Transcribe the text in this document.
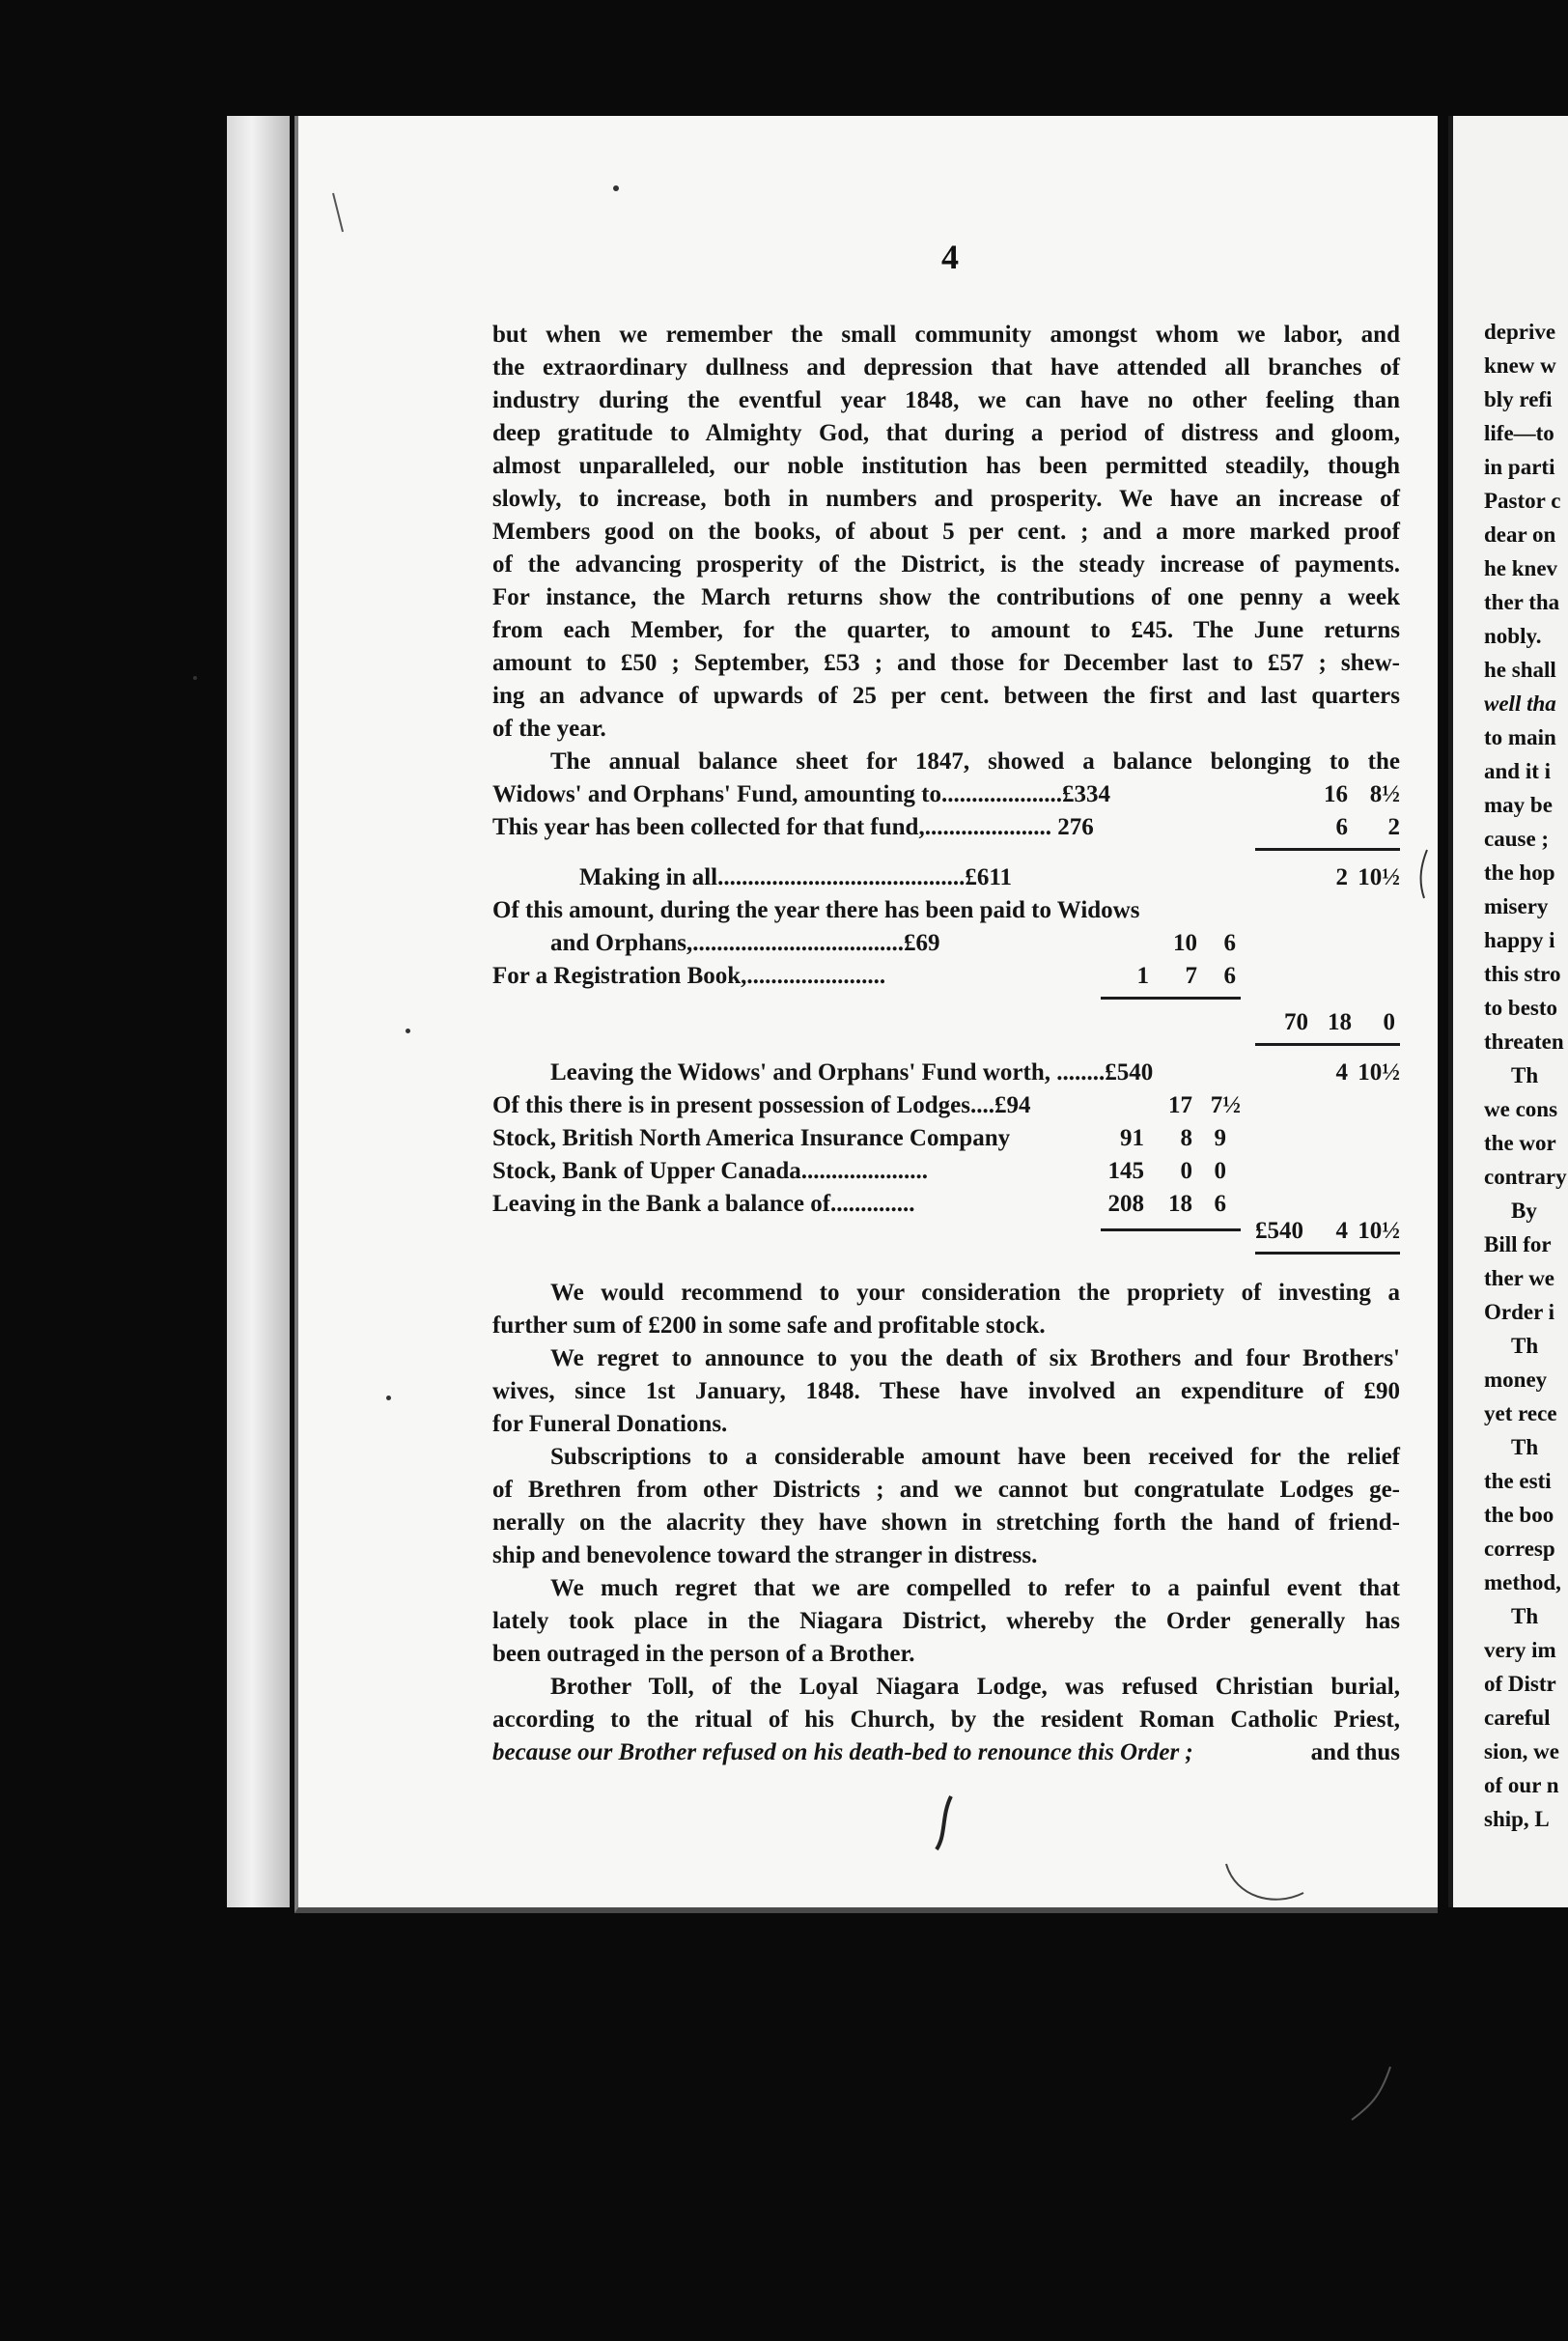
deprive
knew w
bly refi
life—to
in parti
Pastor c
dear on
he knev
ther tha
nobly.
he shall
well tha
to main
and it i
may be
cause ;
the hop
misery
happy i
this stro
to besto
threaten
Th
we cons
the wor
contrary
By
Bill for
ther we
Order i
Th
money
yet rece
Th
the esti
the boo
corresp
method,
Th
very im
of Distr
careful
sion, we
of our n
ship, L
4
but when we remember the small community amongst whom we labor, and
the extraordinary dullness and depression that have attended all branches of
industry during the eventful year 1848, we can have no other feeling than
deep gratitude to Almighty God, that during a period of distress and gloom,
almost unparalleled, our noble institution has been permitted steadily, though
slowly, to increase, both in numbers and prosperity. We have an increase of
Members good on the books, of about 5 per cent. ; and a more marked proof
of the advancing prosperity of the District, is the steady increase of payments.
For instance, the March returns show the contributions of one penny a week
from each Member, for the quarter, to amount to £45. The June returns
amount to £50 ; September, £53 ; and those for December last to £57 ; shew-
ing an advance of upwards of 25 per cent. between the first and last quarters
of the year.
The annual balance sheet for 1847, showed a balance belonging to the
Widows' and Orphans' Fund, amounting to....................£334	16 8½
This year has been collected for that fund,..................... 276	6	2
Making in all.........................................£611	2 10½
Of this amount, during the year there has been paid to Widows
and Orphans,...................................£69	10	6
For a Registration Book,.......................	1	7	6
70 18	0
Leaving the Widows' and Orphans' Fund worth, ........£540	4 10½
Of this there is in present possession of Lodges....£94	17 7½
Stock, British North America Insurance Company	91	8 9
Stock, Bank of Upper Canada.....................	145	0 0
Leaving in the Bank a balance of..............	208	18 6
£540	4 10½
We would recommend to your consideration the propriety of investing a
further sum of £200 in some safe and profitable stock.
We regret to announce to you the death of six Brothers and four Brothers'
wives, since 1st January, 1848. These have involved an expenditure of £90
for Funeral Donations.
Subscriptions to a considerable amount have been received for the relief
of Brethren from other Districts ; and we cannot but congratulate Lodges ge-
nerally on the alacrity they have shown in stretching forth the hand of friend-
ship and benevolence toward the stranger in distress.
We much regret that we are compelled to refer to a painful event that
lately took place in the Niagara District, whereby the Order generally has
been outraged in the person of a Brother.
Brother Toll, of the Loyal Niagara Lodge, was refused Christian burial,
according to the ritual of his Church, by the resident Roman Catholic Priest,
because our Brother refused on his death-bed to renounce this Order ;	and thus
